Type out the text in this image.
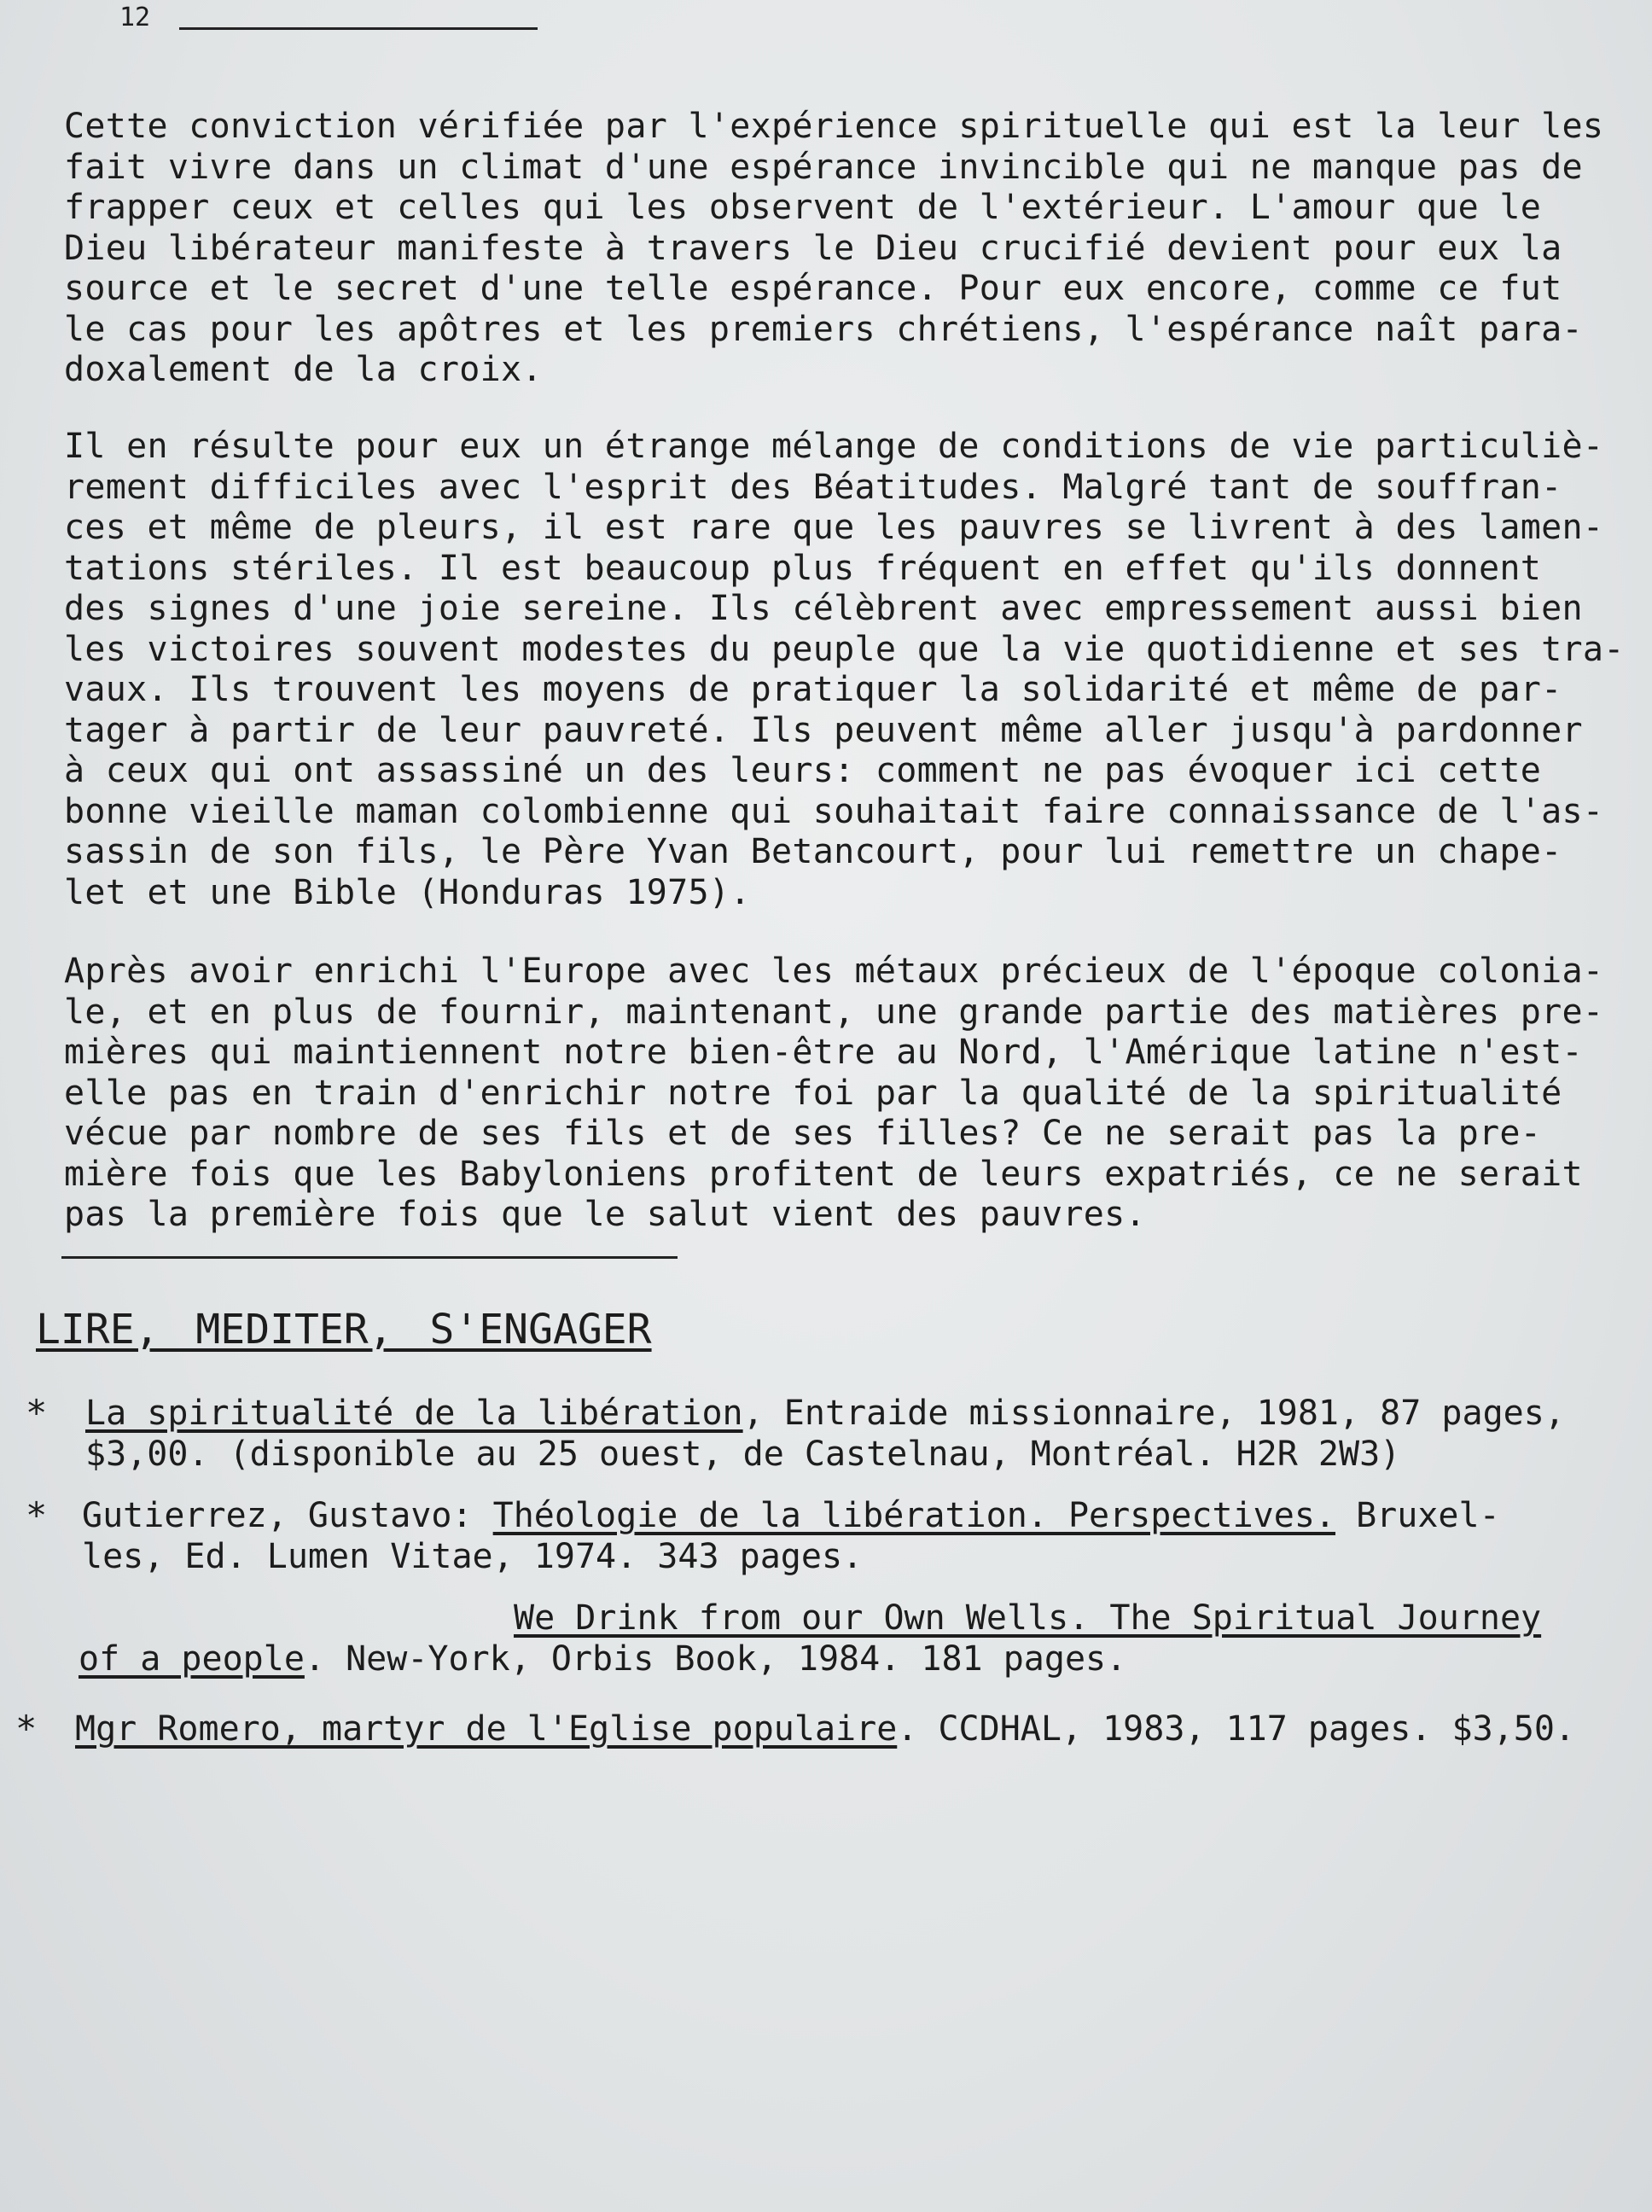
12

Cette conviction vérifiée par l'expérience spirituelle qui est la leur les
fait vivre dans un climat d'une espérance invincible qui ne manque pas de
frapper ceux et celles qui les observent de l'extérieur. L'amour que le
Dieu libérateur manifeste à travers le Dieu crucifié devient pour eux la
source et le secret d'une telle espérance. Pour eux encore, comme ce fut
le cas pour les apôtres et les premiers chrétiens, l'espérance naît para-
doxalement de la croix.

Il en résulte pour eux un étrange mélange de conditions de vie particuliè-
rement difficiles avec l'esprit des Béatitudes. Malgré tant de souffran-
ces et même de pleurs, il est rare que les pauvres se livrent à des lamen-
tations stériles. Il est beaucoup plus fréquent en effet qu'ils donnent
des signes d'une joie sereine. Ils célèbrent avec empressement aussi bien
les victoires souvent modestes du peuple que la vie quotidienne et ses tra-
vaux. Ils trouvent les moyens de pratiquer la solidarité et même de par-
tager à partir de leur pauvreté. Ils peuvent même aller jusqu'à pardonner
à ceux qui ont assassiné un des leurs: comment ne pas évoquer ici cette
bonne vieille maman colombienne qui souhaitait faire connaissance de l'as-
sassin de son fils, le Père Yvan Betancourt, pour lui remettre un chape-
let et une Bible (Honduras 1975).

Après avoir enrichi l'Europe avec les métaux précieux de l'époque colonia-
le, et en plus de fournir, maintenant, une grande partie des matières pre-
mières qui maintiennent notre bien-être au Nord, l'Amérique latine n'est-
elle pas en train d'enrichir notre foi par la qualité de la spiritualité
vécue par nombre de ses fils et de ses filles? Ce ne serait pas la pre-
mière fois que les Babyloniens profitent de leurs expatriés, ce ne serait
pas la première fois que le salut vient des pauvres.

LIRE, MEDITER, S'ENGAGER
* La spiritualité de la libération, Entraide missionnaire, 1981, 87 pages,
$3,00. (disponible au 25 ouest, de Castelnau, Montréal. H2R 2W3)
* Gutierrez, Gustavo: Théologie de la libération. Perspectives. Bruxel-
les, Ed. Lumen Vitae, 1974. 343 pages.
We Drink from our Own Wells. The Spiritual Journey
of a people. New-York, Orbis Book, 1984. 181 pages.
* Mgr Romero, martyr de l'Eglise populaire. CCDHAL, 1983, 117 pages. $3,50.
